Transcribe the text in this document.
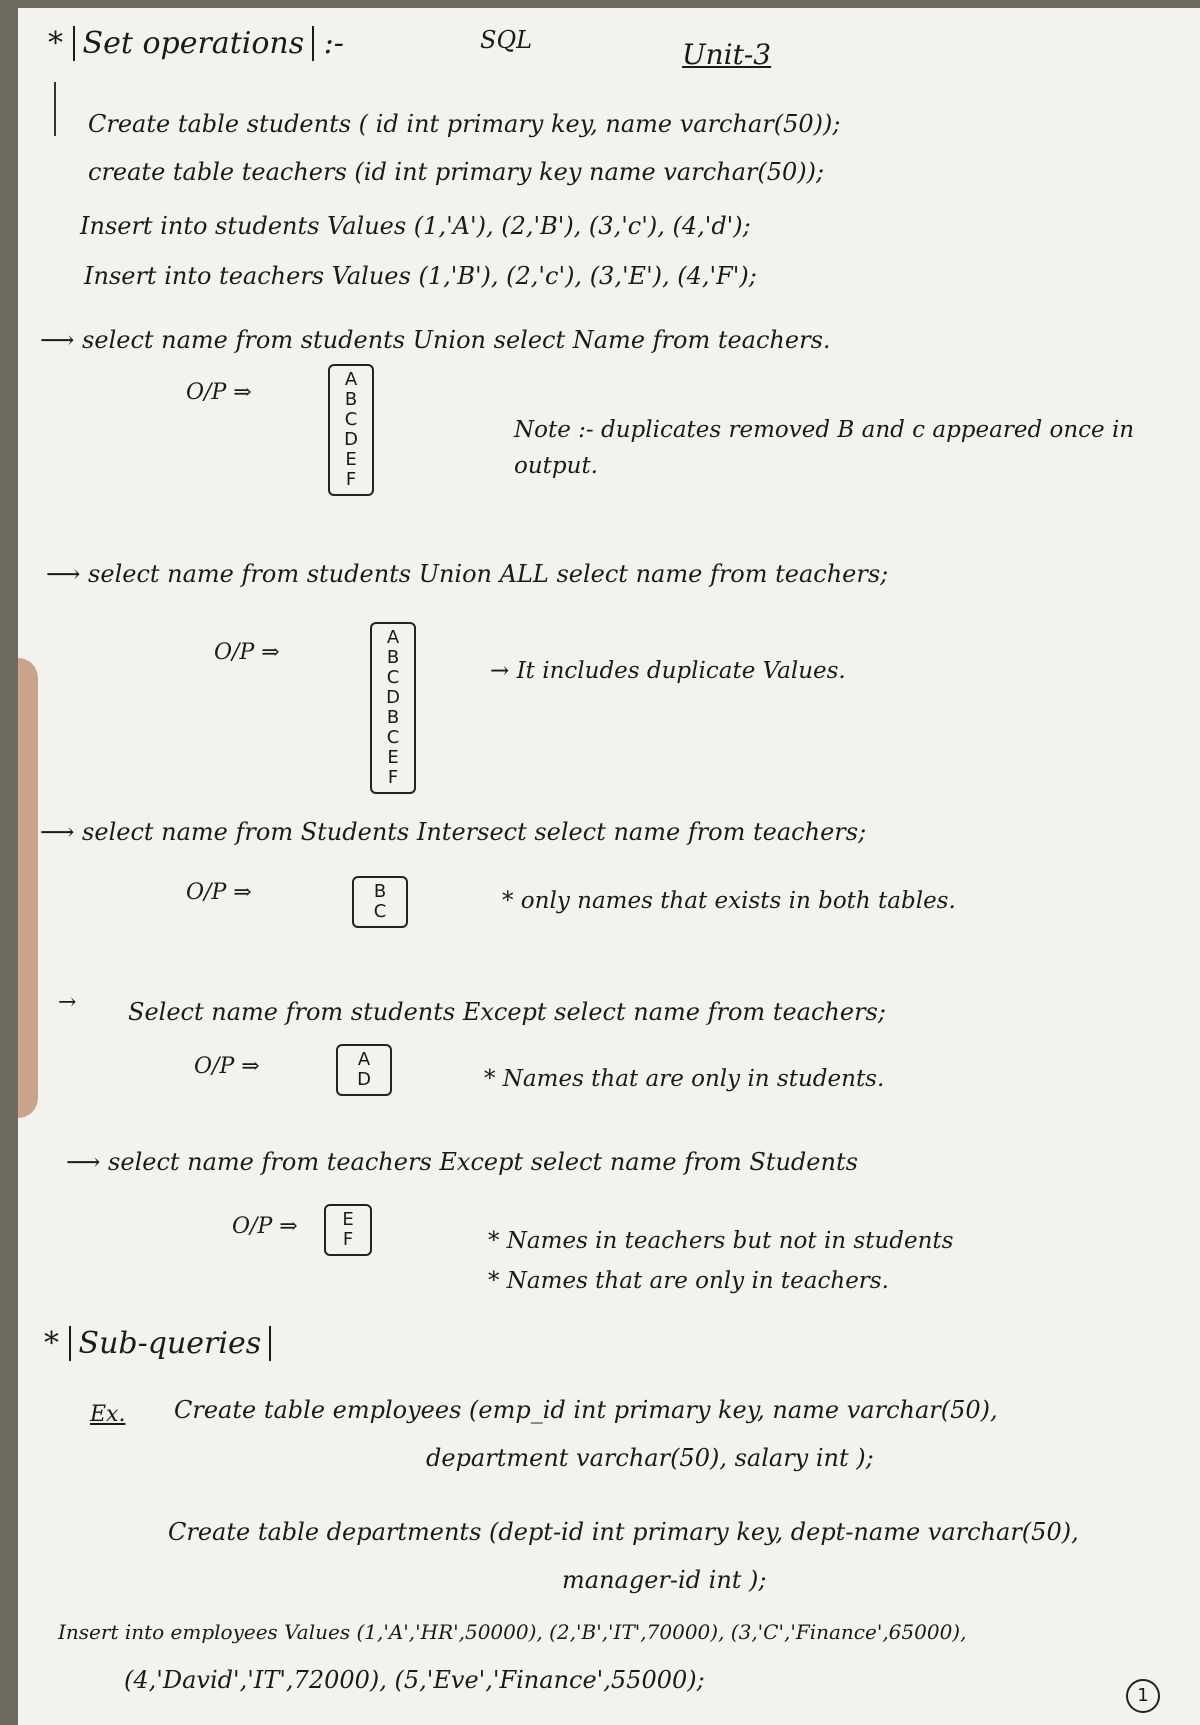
* Set operations :-	SQL	Unit-3
Create table students ( id int primary key, name varchar(50));
create table teachers (id int primary key name varchar(50));
Insert into students Values (1,'A'), (2,'B'), (3,'c'), (4,'d');
Insert into teachers Values (1,'B'), (2,'c'), (3,'E'), (4,'F');
⟶ select name from students Union select Name from teachers.
O/P ⇒
A
B
C
D
E
F
Note :- duplicates removed B and c appeared once in output.
⟶ select name from students Union ALL select name from teachers;
O/P ⇒
A
B
C
D
B
C
E
F
→ It includes duplicate Values.
⟶ select name from Students Intersect select name from teachers;
O/P ⇒	B
C	* only names that exists in both tables.
→ Select name from students Except select name from teachers;
O/P ⇒	A
D	* Names that are only in students.
⟶ select name from teachers Except select name from Students
O/P ⇒	E
F	* Names in teachers but not in students
* Names that are only in teachers.
* Sub-queries
Ex. Create table employees (emp_id int primary key, name varchar(50),
department varchar(50), salary int );
Create table departments (dept-id int primary key, dept-name varchar(50),
manager-id int );
Insert into employees Values (1,'A','HR',50000), (2,'B','IT',70000), (3,'C','Finance',65000),
(4,'David','IT',72000), (5,'Eve','Finance',55000);
1
